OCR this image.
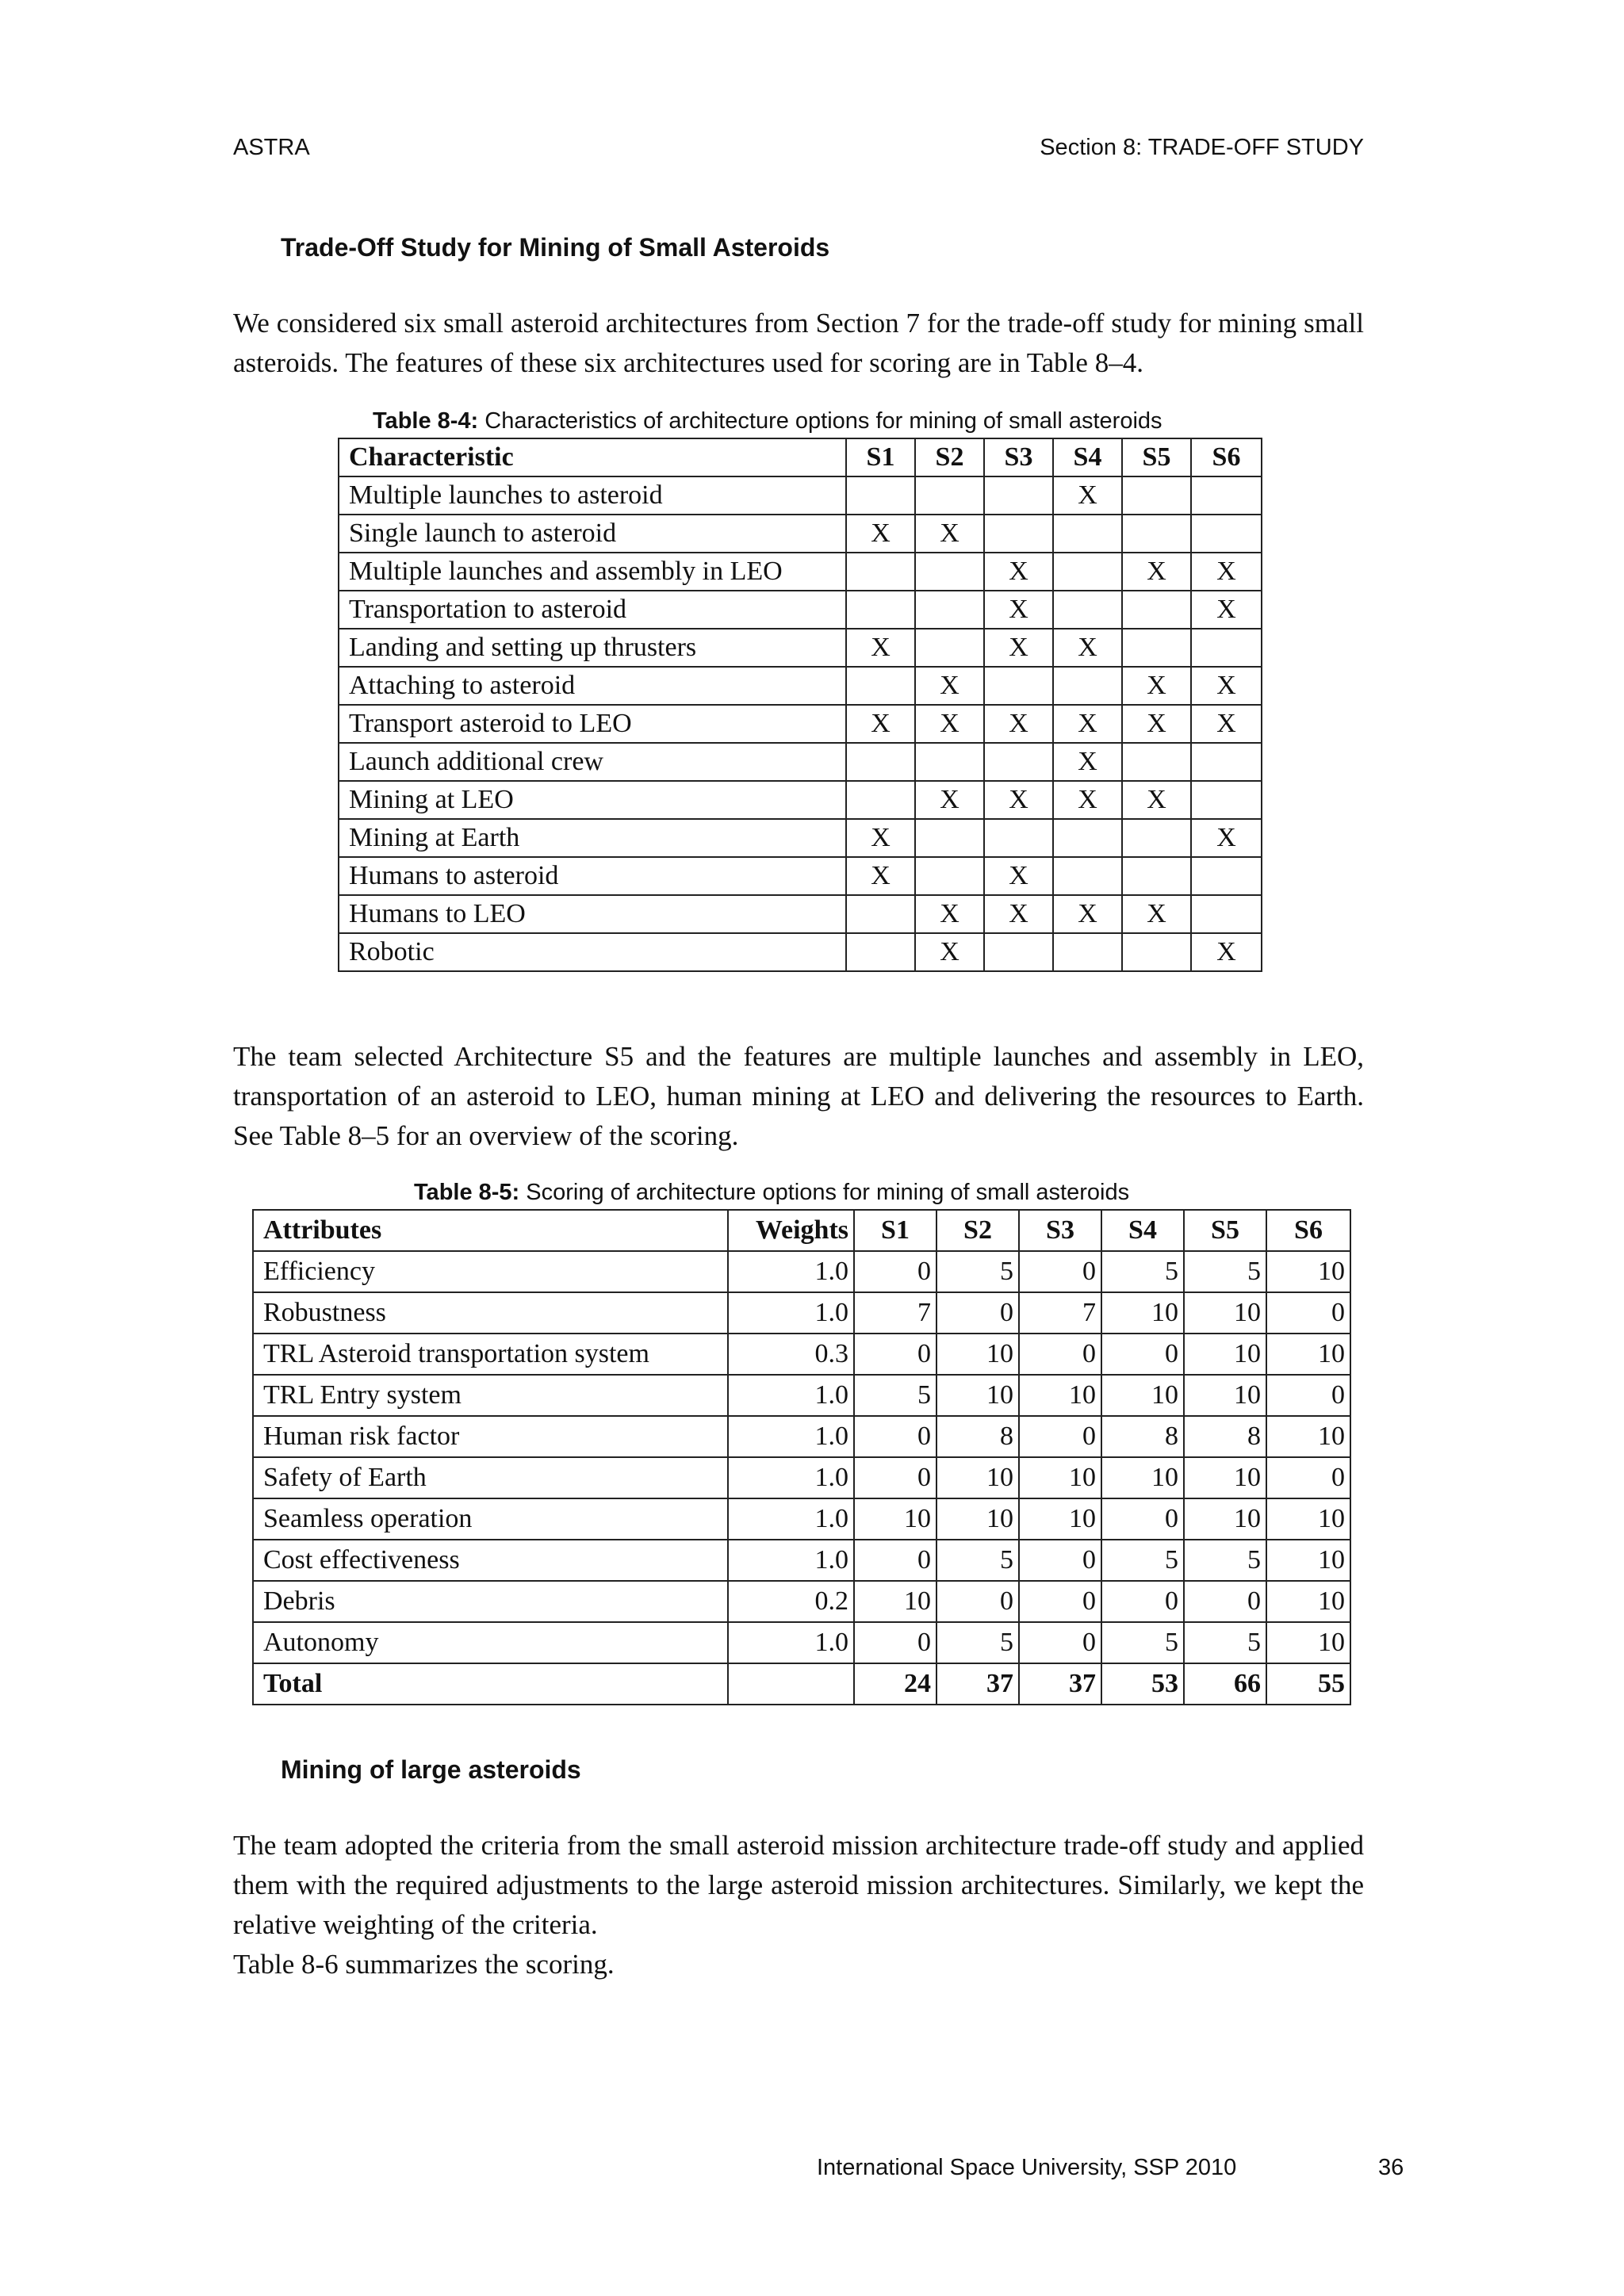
ASTRA	Section 8: TRADE-OFF STUDY
Trade-Off Study for Mining of Small Asteroids

We considered six small asteroid architectures from Section 7 for the trade-off study for mining small asteroids. The features of these six architectures used for scoring are in Table 8–4.

Table 8-4: Characteristics of architecture options for mining of small asteroids
Characteristic	S1	S2	S3	S4	S5	S6
Multiple launches to asteroid				X		
Single launch to asteroid	X	X				
Multiple launches and assembly in LEO			X		X	X
Transportation to asteroid			X			X
Landing and setting up thrusters	X		X	X		
Attaching to asteroid		X			X	X
Transport asteroid to LEO	X	X	X	X	X	X
Launch additional crew				X		
Mining at LEO		X	X	X	X	
Mining at Earth	X					X
Humans to asteroid	X		X			
Humans to LEO		X	X	X	X	
Robotic		X				X

The team selected Architecture S5 and the features are multiple launches and assembly in LEO, transportation of an asteroid to LEO, human mining at LEO and delivering the resources to Earth. See Table 8–5 for an overview of the scoring.

Table 8-5: Scoring of architecture options for mining of small asteroids
Attributes	Weights	S1	S2	S3	S4	S5	S6
Efficiency	1.0	0	5	0	5	5	10
Robustness	1.0	7	0	7	10	10	0
TRL Asteroid transportation system	0.3	0	10	0	0	10	10
TRL Entry system	1.0	5	10	10	10	10	0
Human risk factor	1.0	0	8	0	8	8	10
Safety of Earth	1.0	0	10	10	10	10	0
Seamless operation	1.0	10	10	10	0	10	10
Cost effectiveness	1.0	0	5	0	5	5	10
Debris	0.2	10	0	0	0	0	10
Autonomy	1.0	0	5	0	5	5	10
Total		24	37	37	53	66	55
Mining of large asteroids

The team adopted the criteria from the small asteroid mission architecture trade-off study and applied them with the required adjustments to the large asteroid mission architectures. Similarly, we kept the relative weighting of the criteria.

Table 8-6 summarizes the scoring.

International Space University, SSP 2010	36
